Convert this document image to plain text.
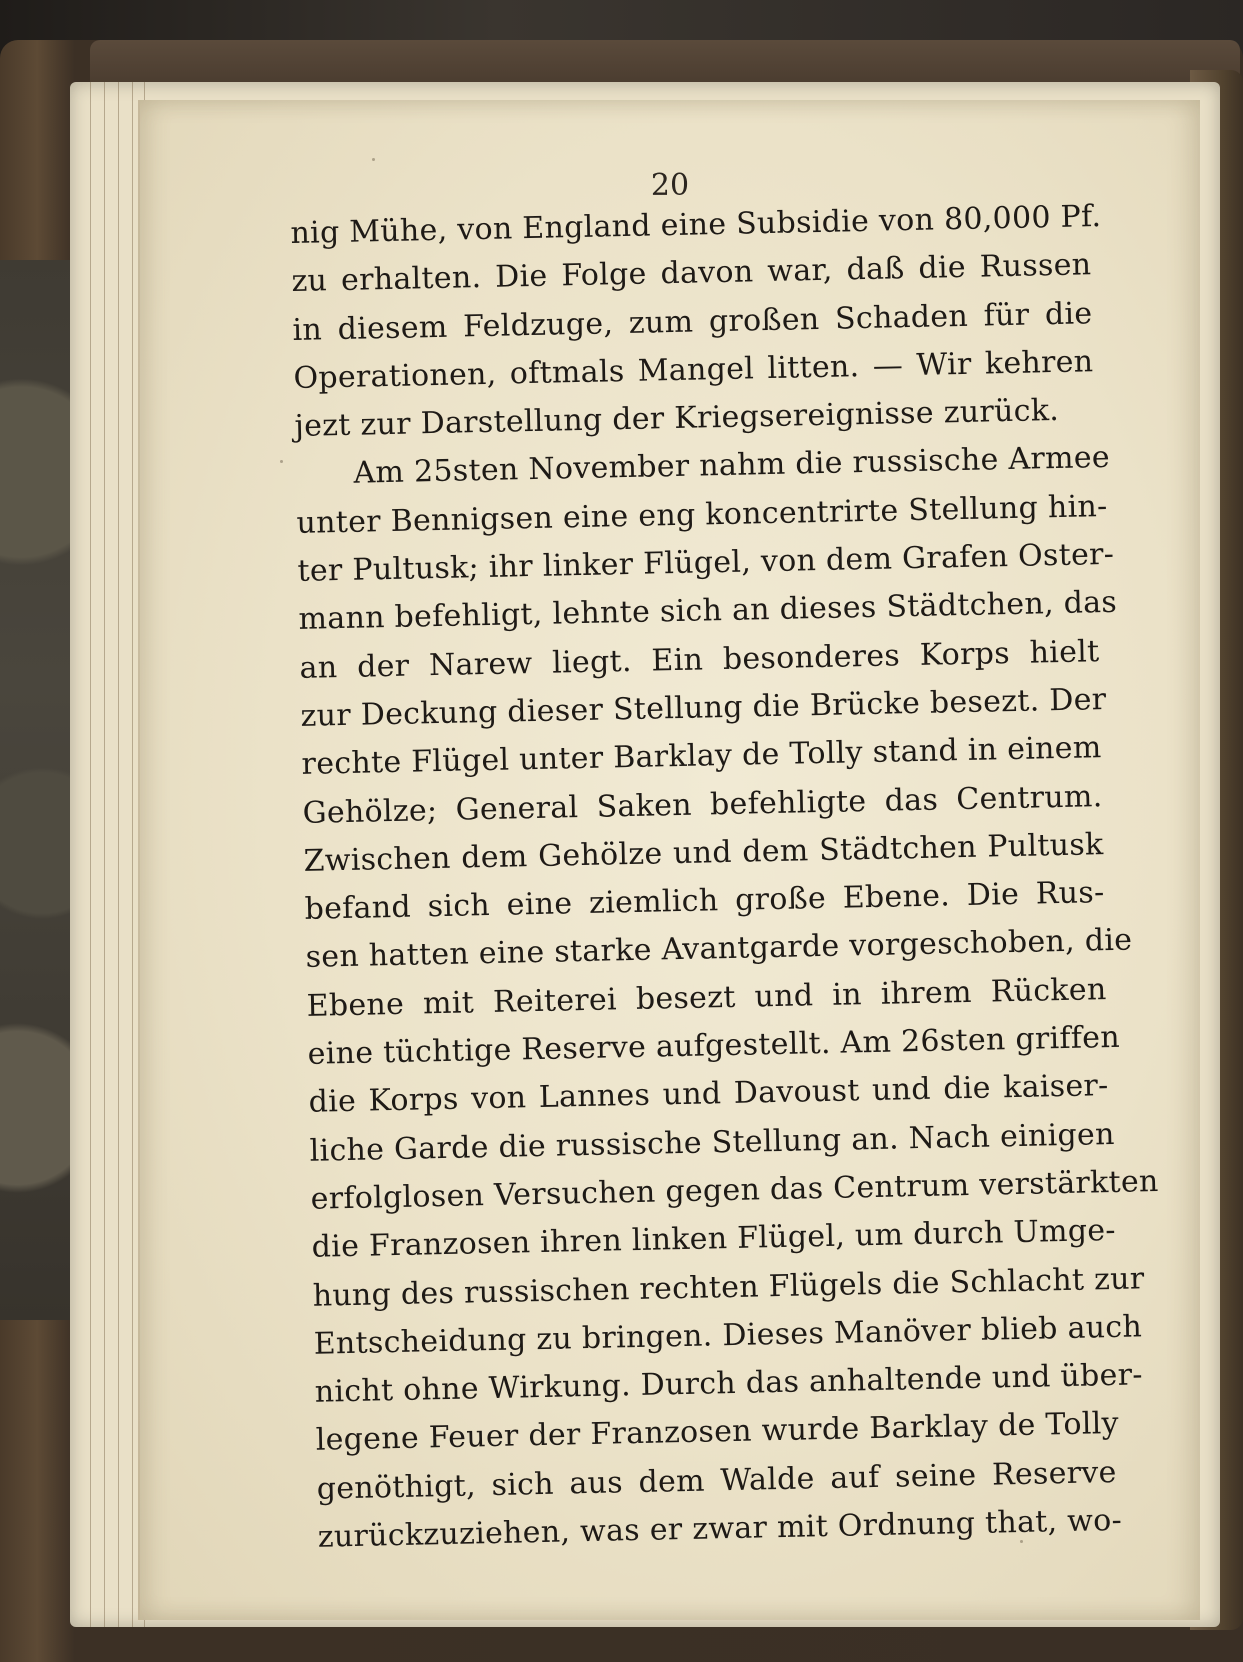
20
nig Mühe, von England eine Subsidie von 80,000 Pf.
zu erhalten. Die Folge davon war, daß die Russen
in diesem Feldzuge, zum großen Schaden für die
Operationen, oftmals Mangel litten. — Wir kehren
jezt zur Darstellung der Kriegsereignisse zurück.
Am 25sten November nahm die russische Armee
unter Bennigsen eine eng koncentrirte Stellung hin-
ter Pultusk; ihr linker Flügel, von dem Grafen Oster-
mann befehligt, lehnte sich an dieses Städtchen, das
an der Narew liegt. Ein besonderes Korps hielt
zur Deckung dieser Stellung die Brücke besezt. Der
rechte Flügel unter Barklay de Tolly stand in einem
Gehölze; General Saken befehligte das Centrum.
Zwischen dem Gehölze und dem Städtchen Pultusk
befand sich eine ziemlich große Ebene. Die Rus-
sen hatten eine starke Avantgarde vorgeschoben, die
Ebene mit Reiterei besezt und in ihrem Rücken
eine tüchtige Reserve aufgestellt. Am 26sten griffen
die Korps von Lannes und Davoust und die kaiser-
liche Garde die russische Stellung an. Nach einigen
erfolglosen Versuchen gegen das Centrum verstärkten
die Franzosen ihren linken Flügel, um durch Umge-
hung des russischen rechten Flügels die Schlacht zur
Entscheidung zu bringen. Dieses Manöver blieb auch
nicht ohne Wirkung. Durch das anhaltende und über-
legene Feuer der Franzosen wurde Barklay de Tolly
genöthigt, sich aus dem Walde auf seine Reserve
zurückzuziehen, was er zwar mit Ordnung that, wo-
